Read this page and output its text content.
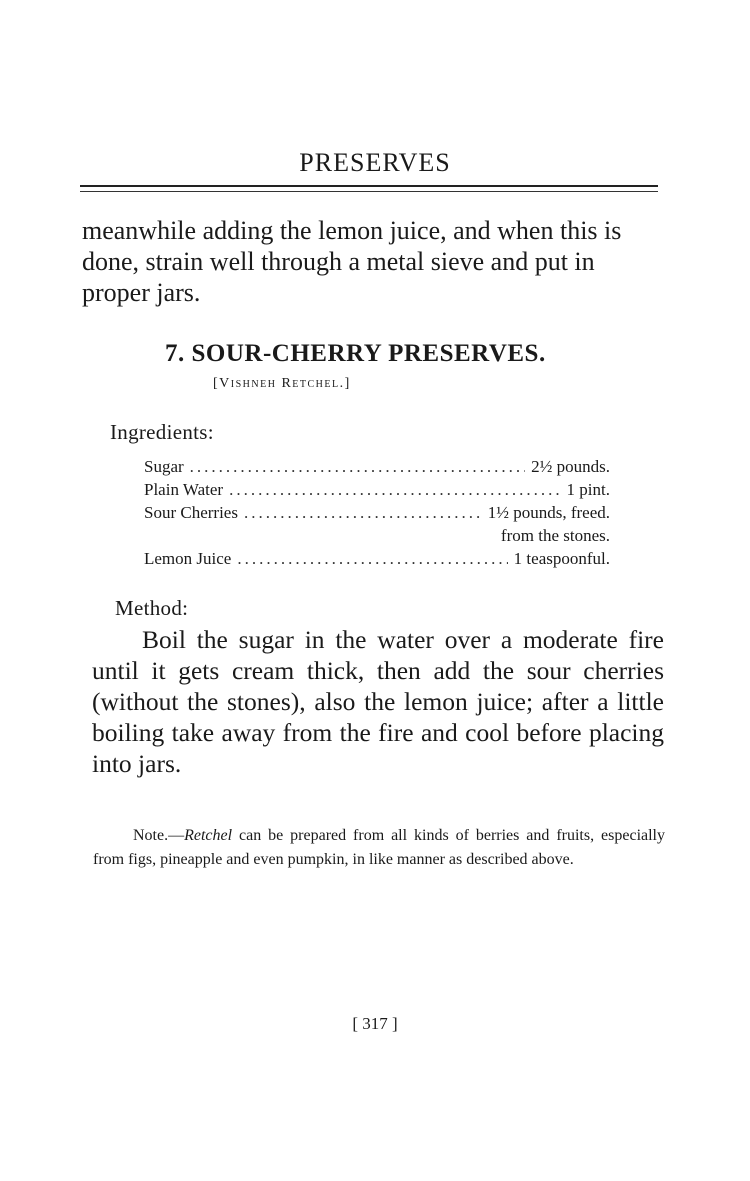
PRESERVES

meanwhile adding the lemon juice, and when this is done, strain well through a metal sieve and put in proper jars.

7. SOUR-CHERRY PRESERVES.
[Vishneh Retchel.]
Ingredients:
Sugar .....	2½ pounds.
Plain Water .....	1 pint.
Sour Cherries .....	1½ pounds, freed.
from the stones.
Lemon Juice .....	1 teaspoonful.
Method:

Boil the sugar in the water over a moderate fire until it gets cream thick, then add the sour cherries (without the stones), also the lemon juice; after a little boiling take away from the fire and cool before placing into jars.

Note.—Retchel can be prepared from all kinds of berries and fruits, especially from figs, pineapple and even pumpkin, in like manner as described above.

[ 317 ]
